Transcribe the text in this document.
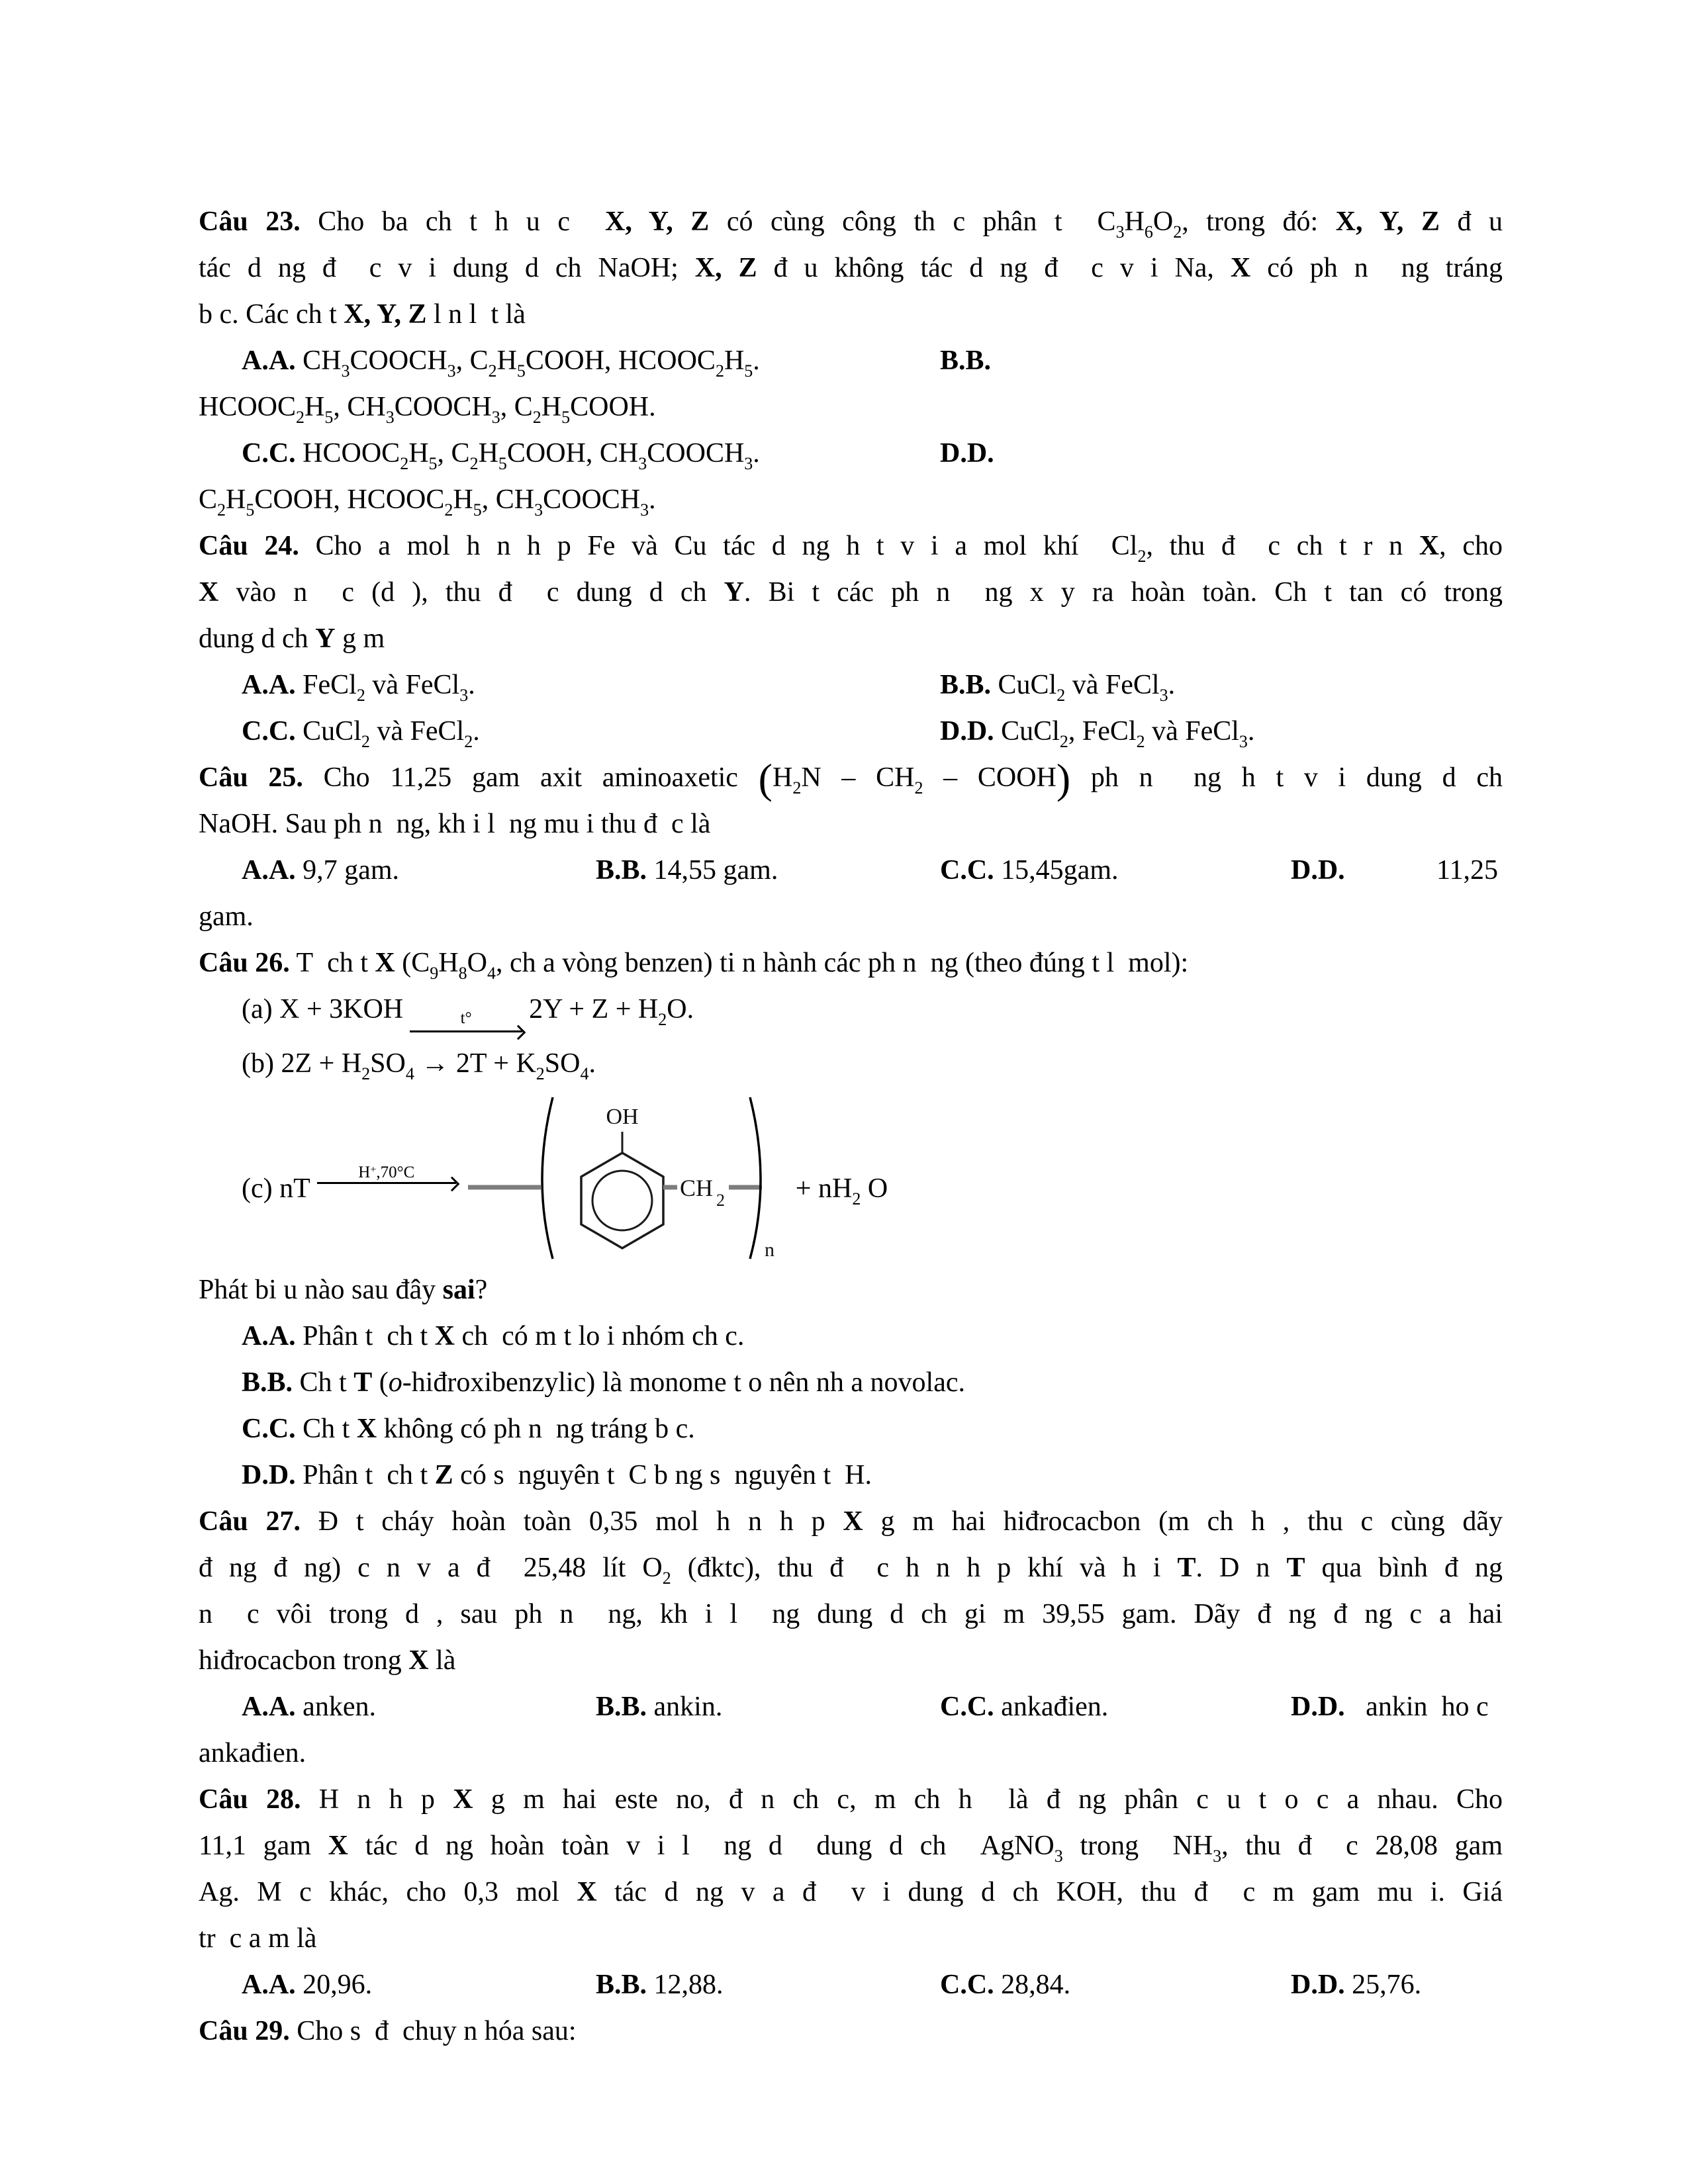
Câu 23. Cho ba ch t h u c  X, Y, Z có cùng công th c phân t  $C_3H_6O_2$, trong đó: X, Y, Z đ u
tác d ng đ  c v i dung d ch NaOH; X, Z đ u không tác d ng đ  c v i Na, X có ph n  ng tráng
b c. Các ch t X, Y, Z l n l  t là
A.A. $CH_3COOCH_3$, $C_2H_5COOH$, $HCOOC_2H_5$.	B.B.
$HCOOC_2H_5$, $CH_3COOCH_3$, $C_2H_5COOH$.
C.C. $HCOOC_2H_5$, $C_2H_5COOH$, $CH_3COOCH_3$.	D.D.
$C_2H_5COOH$, $HCOOC_2H_5$, $CH_3COOCH_3$.
Câu 24. Cho a mol h n h p Fe và Cu tác d ng h t v i a mol khí  $Cl_2$, thu đ  c ch t r n X, cho
X vào n  c (d ), thu đ  c dung d ch Y. Bi t các ph n  ng x y ra hoàn toàn. Ch t tan có trong
dung d ch Y g m
A.A. FeCl$_2$ và FeCl$_3$.	B.B. CuCl$_2$ và FeCl$_3$.
C.C. CuCl$_2$ và FeCl$_2$.	D.D. CuCl$_2$, FeCl$_2$ và FeCl$_3$.
Câu 25. Cho 11,25 gam axit aminoaxetic ($H_2N - CH_2$ – COOH) ph n  ng h t v i dung d ch
NaOH. Sau ph n  ng, kh i l  ng mu i thu đ  c là
A.A. 9,7 gam.	B.B. 14,55 gam.	C.C. 15,45gam.	D.D.	11,25
gam.
Câu 26. T  ch t X ($C_9H_8O_4$, ch a vòng benzen) ti n hành các ph n  ng (theo đúng t l  mol):
(a) X + 3KOH	t° $2Y + Z + H_2O$.
(b) $2Z + H_2SO_4 \to 2T + K_2SO_4$.
(c) nT
H+,70°C
OH
CH 2
n
+ $nH_2$ O
Phát bi u nào sau đây sai?
A.A. Phân t  ch t X ch  có m t lo i nhóm ch c.
B.B. Ch t T (o-hiđroxibenzylic) là monome t o nên nh a novolac.
C.C. Ch t X không có ph n  ng tráng b c.
D.D. Phân t  ch t Z có s  nguyên t  C b ng s  nguyên t  H.
Câu 27. Đ t cháy hoàn toàn 0,35 mol h n h p X g m hai hiđrocacbon (m ch h , thu c cùng dãy
đ ng đ ng) c n v a đ  25,48 lít $O_2$ (đktc), thu đ  c h n h p khí và h i T. D n T qua bình đ ng
n  c vôi trong d , sau ph n  ng, kh i l  ng dung d ch gi m 39,55 gam. Dãy đ ng đ ng c a hai
hiđrocacbon trong X là
A.A. anken.	B.B. ankin.	C.C. ankađien.	D.D.   ankin  ho c
ankađien.
Câu 28. H n h p X g m hai este no, đ n ch c, m ch h  là đ ng phân c u t o c a nhau. Cho
11,1 gam X tác d ng hoàn toàn v i l  ng d  dung d ch  AgNO$_3$ trong  $NH_3$, thu đ  c 28,08 gam
Ag. M c khác, cho 0,3 mol X tác d ng v a đ  v i dung d ch KOH, thu đ  c m gam mu i. Giá
tr  c a m là
A.A. 20,96.	B.B. 12,88.	C.C. 28,84.	D.D. 25,76.
Câu 29. Cho s  đ  chuy n hóa sau:
